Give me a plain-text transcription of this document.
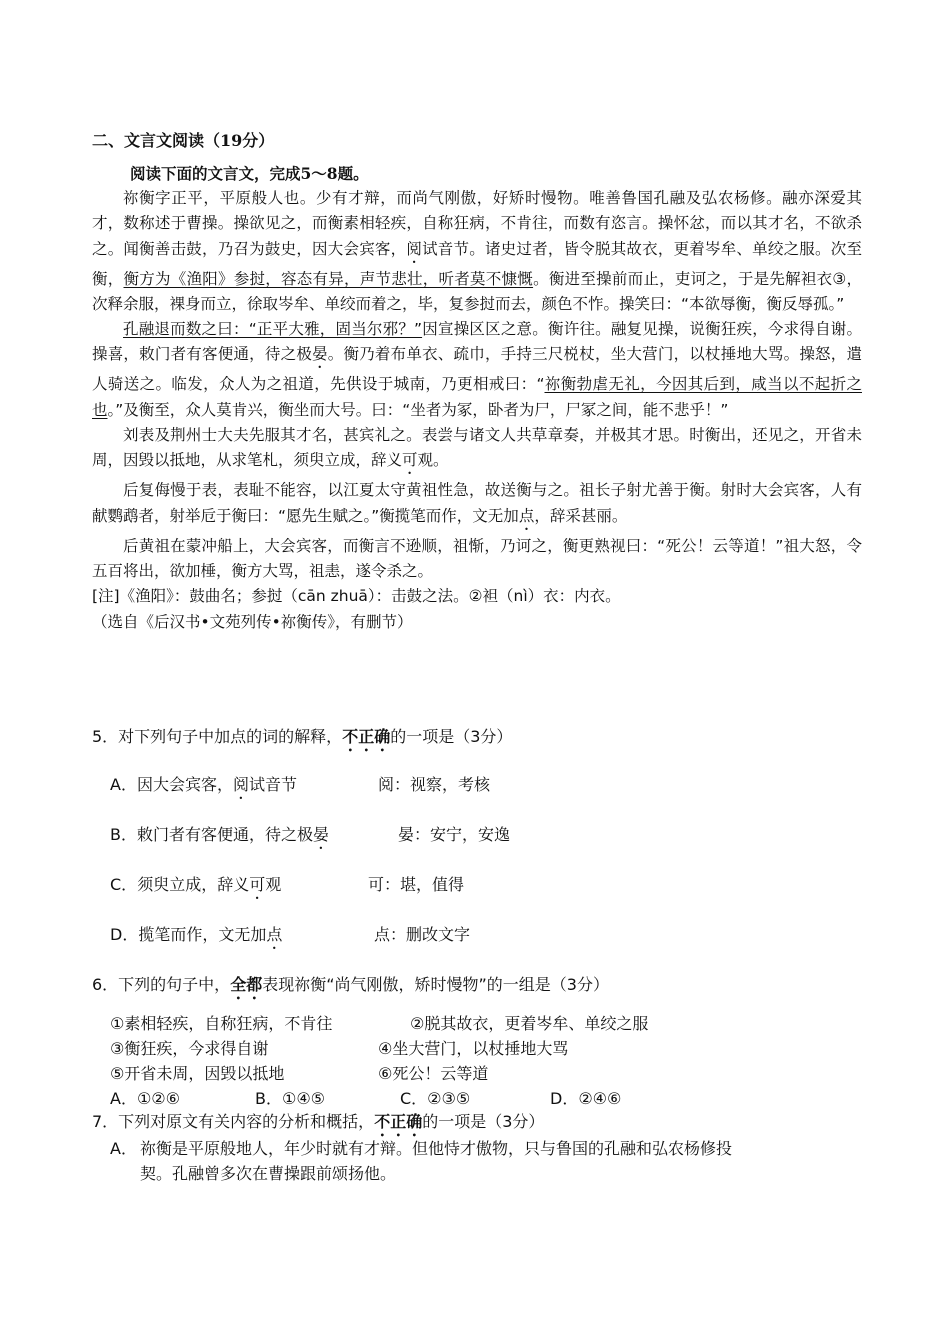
二、文言文阅读（19分）
阅读下面的文言文，完成5～8题。

祢衡字正平，平原般人也。少有才辩，而尚气刚傲，好矫时慢物。唯善鲁国孔融及弘农杨修。融亦深爱其才，数称述于曹操。操欲见之，而衡素相轻疾，自称狂病，不肯往，而数有恣言。操怀忿，而以其才名，不欲杀之。闻衡善击鼓，乃召为鼓史，因大会宾客，阅试音节。诸史过者，皆令脱其故衣，更着岑牟、单绞之服。次至衡，衡方为《渔阳》参挝，容态有异，声节悲壮，听者莫不慷慨。衡进至操前而止，吏诃之，于是先解袒衣③，次释余服，裸身而立，徐取岑牟、单绞而着之，毕，复参挝而去，颜色不怍。操笑曰：“本欲辱衡，衡反辱孤。”

孔融退而数之曰：“正平大雅，固当尔邪？”因宣操区区之意。衡许往。融复见操，说衡狂疾，今求得自谢。操喜，敕门者有客便通，待之极晏。衡乃着布单衣、疏巾，手持三尺棁杖，坐大营门，以杖捶地大骂。操怒，遣人骑送之。临发，众人为之祖道，先供设于城南，乃更相戒曰：“祢衡勃虐无礼，今因其后到，咸当以不起折之也。”及衡至，众人莫肯兴，衡坐而大号。曰：“坐者为冢，卧者为尸，尸冢之间，能不悲乎！”

刘表及荆州士大夫先服其才名，甚宾礼之。表尝与诸文人共草章奏，并极其才思。时衡出，还见之，开省未周，因毁以抵地，从求笔札，须臾立成，辞义可观。

后复侮慢于表，表耻不能容，以江夏太守黄祖性急，故送衡与之。祖长子射尤善于衡。射时大会宾客，人有献鹦鹉者，射举卮于衡曰：“愿先生赋之。”衡揽笔而作，文无加点，辞采甚丽。

后黄祖在蒙冲船上，大会宾客，而衡言不逊顺，祖惭，乃诃之，衡更熟视曰：“死公！云等道！”祖大怒，令五百将出，欲加棰，衡方大骂，祖恚，遂令杀之。

[注]《渔阳》：鼓曲名；参挝（cān zhuā）：击鼓之法。②袒（nì）衣：内衣。

（选自《后汉书•文苑列传•祢衡传》，有删节）

5．对下列句子中加点的词的解释，不正确的一项是（3分）
A．因大会宾客，阅试音节	阅：视察，考核
B．敕门者有客便通，待之极晏	晏：安宁，安逸
C．须臾立成，辞义可观	可：堪，值得
D．揽笔而作，文无加点	点：删改文字
6．下列的句子中，全都表现祢衡“尚气刚傲，矫时慢物”的一组是（3分）
①素相轻疾，自称狂病，不肯往	②脱其故衣，更着岑牟、单绞之服
③衡狂疾，今求得自谢	④坐大营门，以杖捶地大骂
⑤开省未周，因毁以抵地	⑥死公！云等道
A．①②⑥	B．①④⑤	C．②③⑤	D．②④⑥
7．下列对原文有关内容的分析和概括，不正确的一项是（3分）
A． 祢衡是平原般地人，年少时就有才辩。但他恃才傲物，只与鲁国的孔融和弘农杨修投
契。孔融曾多次在曹操跟前颂扬他。
